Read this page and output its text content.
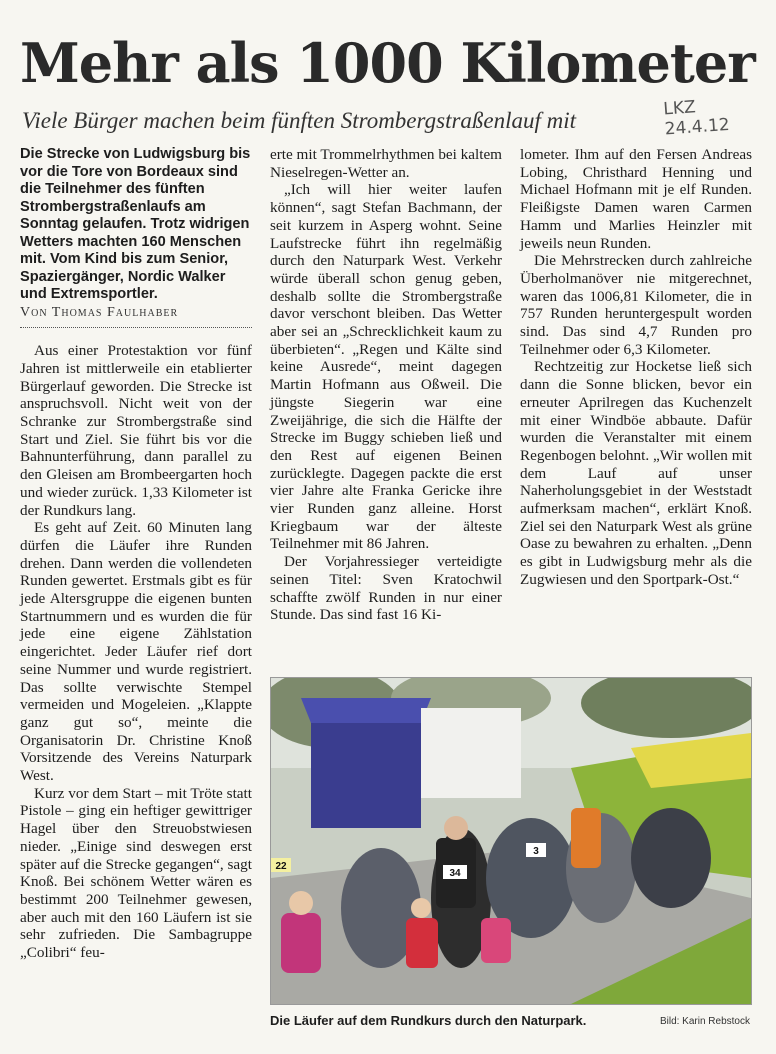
Mehr als 1000 Kilometer
Viele Bürger machen beim fünften Strombergstraßenlauf mit	LKZ 24.4.12

Die Strecke von Ludwigsburg bis vor die Tore von Bordeaux sind die Teilnehmer des fünften Strombergstraßenlaufs am Sonntag gelaufen. Trotz widrigen Wetters machten 160 Menschen mit. Vom Kind bis zum Senior, Spaziergänger, Nordic Walker und Extremsportler.

Von Thomas Faulhaber

Aus einer Protestaktion vor fünf Jahren ist mittlerweile ein etablierter Bürgerlauf geworden. Die Strecke ist anspruchsvoll. Nicht weit von der Schranke zur Strombergstraße sind Start und Ziel. Sie führt bis vor die Bahnunterführung, dann parallel zu den Gleisen am Brombeergarten hoch und wieder zurück. 1,33 Kilometer ist der Rundkurs lang.

Es geht auf Zeit. 60 Minuten lang dürfen die Läufer ihre Runden drehen. Dann werden die vollendeten Runden gewertet. Erstmals gibt es für jede Altersgruppe die eigenen bunten Startnummern und es wurden die für jede eine eigene Zählstation eingerichtet. Jeder Läufer rief dort seine Nummer und wurde registriert. Das sollte verwischte Stempel vermeiden und Mogeleien. „Klappte ganz gut so“, meinte die Organisatorin Dr. Christine Knoß Vorsitzende des Vereins Naturpark West.

Kurz vor dem Start – mit Tröte statt Pistole – ging ein heftiger gewittriger Hagel über den Streuobstwiesen nieder. „Einige sind deswegen erst später auf die Strecke gegangen“, sagt Knoß. Bei schönem Wetter wären es bestimmt 200 Teilnehmer gewesen, aber auch mit den 160 Läufern ist sie sehr zufrieden. Die Sambagruppe „Colibri“ feu-

erte mit Trommelrhythmen bei kaltem Nieselregen-Wetter an.

„Ich will hier weiter laufen können“, sagt Stefan Bachmann, der seit kurzem in Asperg wohnt. Seine Laufstrecke führt ihn regelmäßig durch den Naturpark West. Verkehr würde überall schon genug geben, deshalb sollte die Strombergstraße davor verschont bleiben. Das Wetter aber sei an „Schrecklichkeit kaum zu überbieten“. „Regen und Kälte sind keine Ausrede“, meint dagegen Martin Hofmann aus Oßweil. Die jüngste Siegerin war eine Zweijährige, die sich die Hälfte der Strecke im Buggy schieben ließ und den Rest auf eigenen Beinen zurücklegte. Dagegen packte die erst vier Jahre alte Franka Gericke ihre vier Runden ganz alleine. Horst Kriegbaum war der älteste Teilnehmer mit 86 Jahren.

Der Vorjahressieger verteidigte seinen Titel: Sven Kratochwil schaffte zwölf Runden in nur einer Stunde. Das sind fast 16 Ki-

lometer. Ihm auf den Fersen Andreas Lobing, Christhard Henning und Michael Hofmann mit je elf Runden. Fleißigste Damen waren Carmen Hamm und Marlies Heinzler mit jeweils neun Runden.

Die Mehrstrecken durch zahlreiche Überholmanöver nie mitgerechnet, waren das 1006,81 Kilometer, die in 757 Runden heruntergespult worden sind. Das sind 4,7 Runden pro Teilnehmer oder 6,3 Kilometer.

Rechtzeitig zur Hocketse ließ sich dann die Sonne blicken, bevor ein erneuter Aprilregen das Kuchenzelt mit einer Windböe abbaute. Dafür wurden die Veranstalter mit einem Regenbogen belohnt. „Wir wollen mit dem Lauf auf unser Naherholungsgebiet in der Weststadt aufmerksam machen“, erklärt Knoß. Ziel sei den Naturpark West als grüne Oase zu bewahren zu erhalten. „Denn es gibt in Ludwigsburg mehr als die Zugwiesen und den Sportpark-Ost.“

34
3
22
Die Läufer auf dem Rundkurs durch den Naturpark.	Bild: Karin Rebstock
